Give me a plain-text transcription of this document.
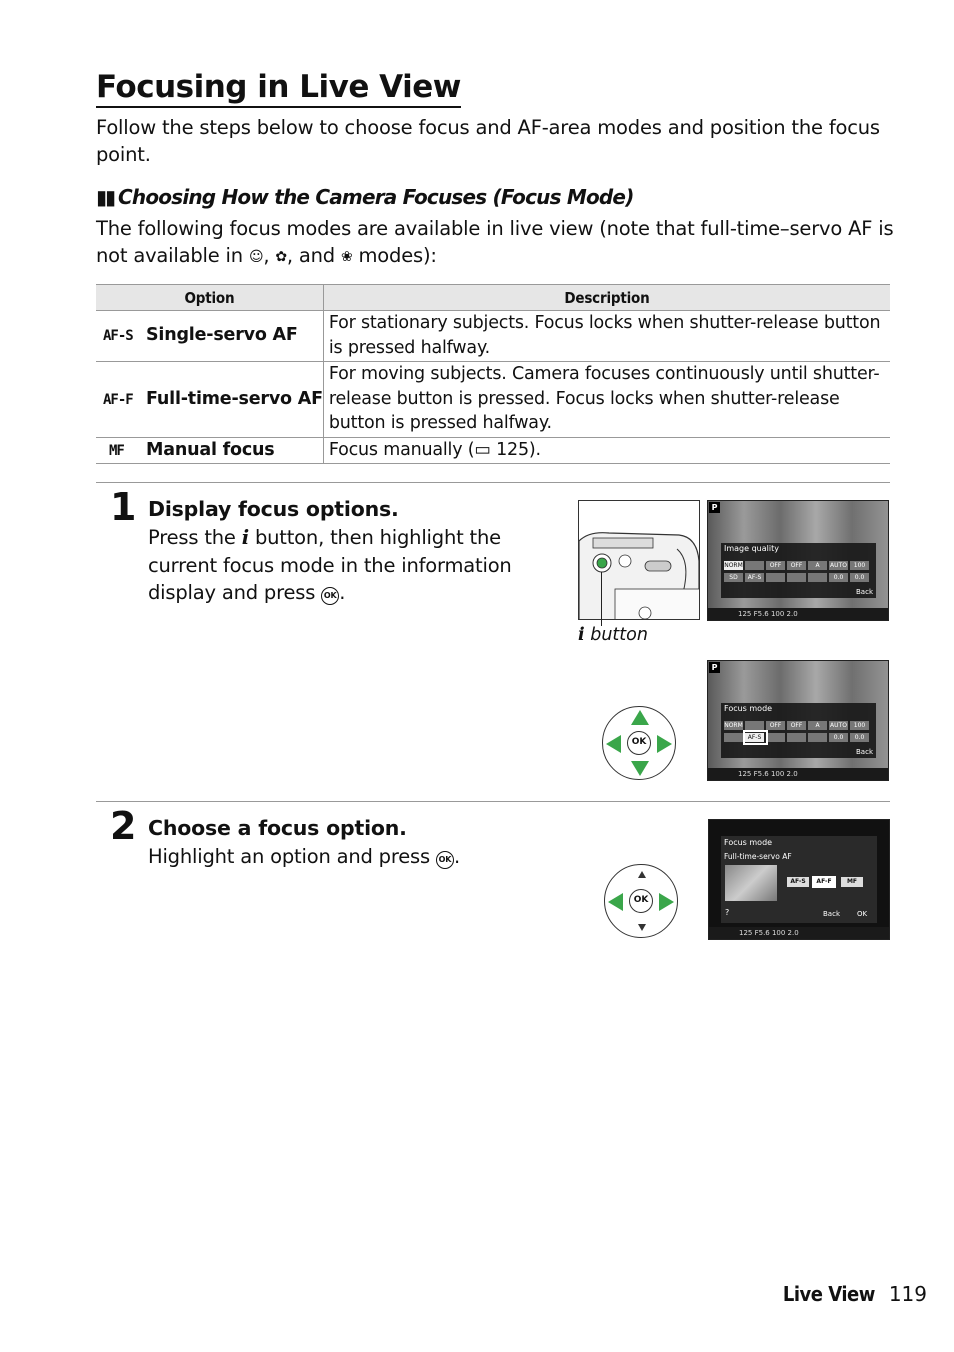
Focusing in Live View

Follow the steps below to choose focus and AF-area modes and position the focus point.

▮▮ Choosing How the Camera Focuses (Focus Mode)

The following focus modes are available in live view (note that full-time–servo AF is not available in ☺, ✿, and ❀ modes):

Option	Description
AF-S Single-servo AF	For stationary subjects. Focus locks when shutter-release button is pressed halfway.
AF-F Full-time-servo AF	For moving subjects. Camera focuses continuously until shutter-release button is pressed. Focus locks when shutter-release button is pressed halfway.
MF Manual focus	Focus manually (▭ 125).
1 Display focus options.

Press the i button, then highlight the current focus mode in the information display and press OK .

i button
P
Image quality
NORM	OFF	OFF	A	AUTO	100
SD	AF-S	0.0	0.0
Back
125 F5.6 100 2.0
OK
P
Focus mode
NORM	OFF	OFF	A	AUTO	100
AF-S	0.0	0.0
Back
125 F5.6 100 2.0
2 Choose a focus option.

Highlight an option and press OK .

OK
Focus mode
Full-time-servo AF
?	Back OK
AF-S	AF-F	MF
125 F5.6 100 2.0
Live View 119
